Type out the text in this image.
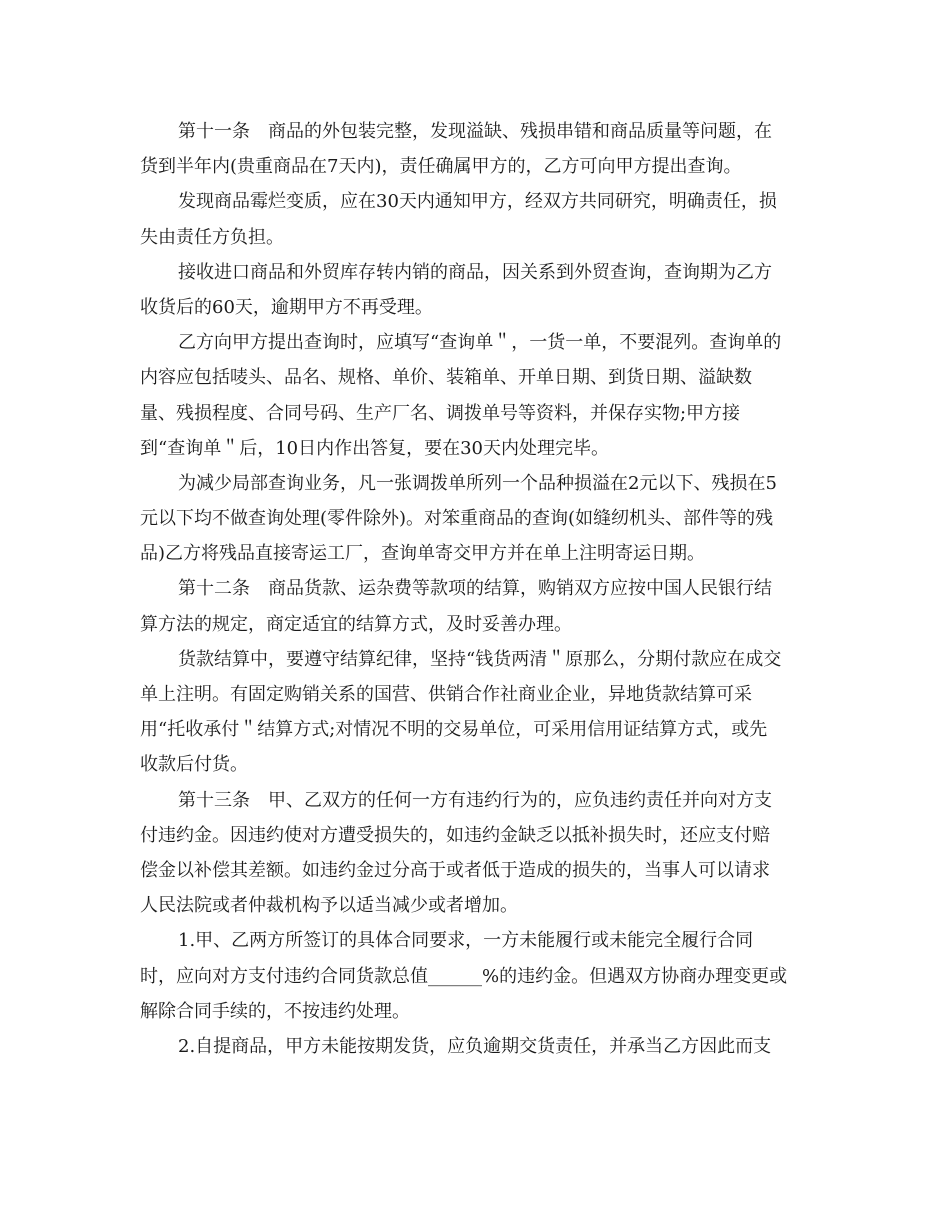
第十一条　商品的外包装完整，发现溢缺、残损串错和商品质量等问题，在
货到半年内(贵重商品在7天内)，责任确属甲方的，乙方可向甲方提出查询。

发现商品霉烂变质，应在30天内通知甲方，经双方共同研究，明确责任，损
失由责任方负担。

接收进口商品和外贸库存转内销的商品，因关系到外贸查询，查询期为乙方
收货后的60天，逾期甲方不再受理。

乙方向甲方提出查询时，应填写“查询单＂，一货一单，不要混列。查询单的
内容应包括唛头、品名、规格、单价、装箱单、开单日期、到货日期、溢缺数
量、残损程度、合同号码、生产厂名、调拨单号等资料，并保存实物;甲方接
到“查询单＂后，10日内作出答复，要在30天内处理完毕。

为减少局部查询业务，凡一张调拨单所列一个品种损溢在2元以下、残损在5
元以下均不做查询处理(零件除外)。对笨重商品的查询(如缝纫机头、部件等的残
品)乙方将残品直接寄运工厂，查询单寄交甲方并在单上注明寄运日期。

第十二条　商品货款、运杂费等款项的结算，购销双方应按中国人民银行结
算方法的规定，商定适宜的结算方式，及时妥善办理。

货款结算中，要遵守结算纪律，坚持“钱货两清＂原那么，分期付款应在成交
单上注明。有固定购销关系的国营、供销合作社商业企业，异地货款结算可采
用“托收承付＂结算方式;对情况不明的交易单位，可采用信用证结算方式，或先
收款后付货。

第十三条　甲、乙双方的任何一方有违约行为的，应负违约责任并向对方支
付违约金。因违约使对方遭受损失的，如违约金缺乏以抵补损失时，还应支付赔
偿金以补偿其差额。如违约金过分高于或者低于造成的损失的，当事人可以请求
人民法院或者仲裁机构予以适当减少或者增加。

1.甲、乙两方所签订的具体合同要求，一方未能履行或未能完全履行合同
时，应向对方支付违约合同货款总值______%的违约金。但遇双方协商办理变更或
解除合同手续的，不按违约处理。

2.自提商品，甲方未能按期发货，应负逾期交货责任，并承当乙方因此而支
